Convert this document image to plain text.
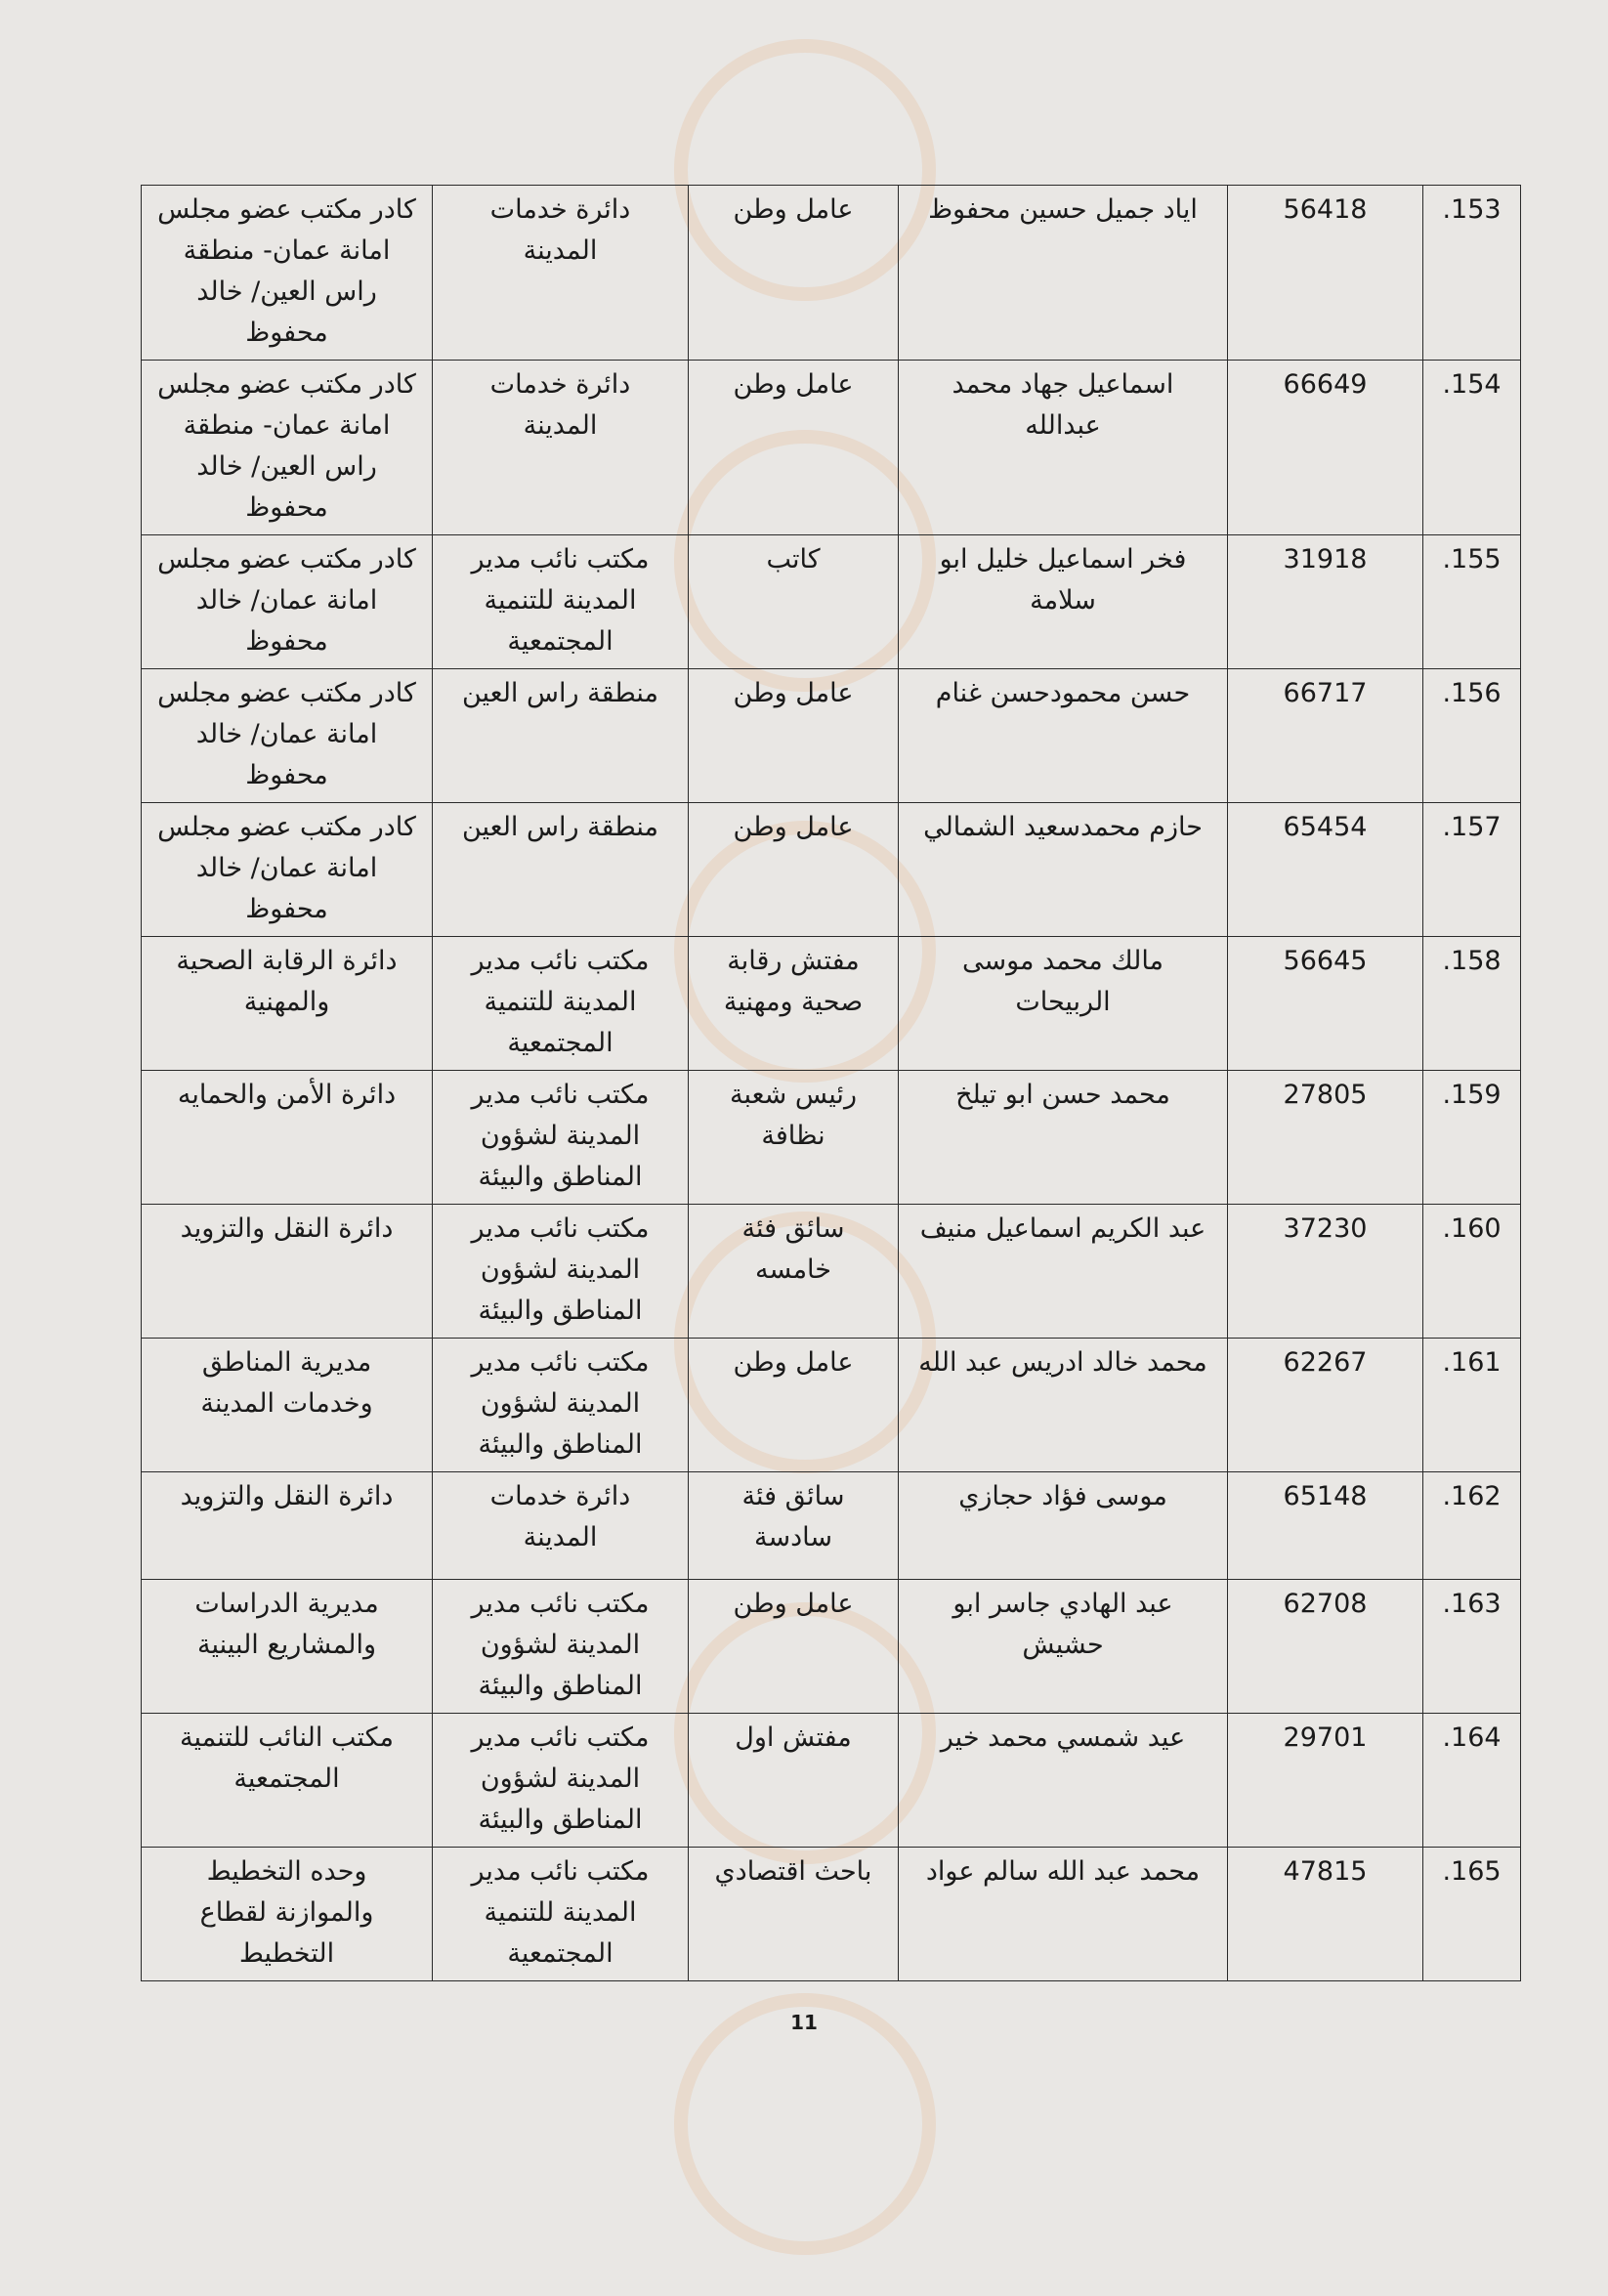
.153	56418	اياد جميل حسين محفوظ	عامل وطن	دائرة خدمات
المدينة	كادر مكتب عضو مجلس
امانة عمان- منطقة
راس العين/ خالد
محفوظ
.154	66649	اسماعيل جهاد محمد
عبدالله	عامل وطن	دائرة خدمات
المدينة	كادر مكتب عضو مجلس
امانة عمان- منطقة
راس العين/ خالد
محفوظ
.155	31918	فخر اسماعيل خليل ابو
سلامة	كاتب	مكتب نائب مدير
المدينة للتنمية
المجتمعية	كادر مكتب عضو مجلس
امانة عمان/ خالد
محفوظ
.156	66717	حسن محمودحسن غنام	عامل وطن	منطقة راس العين	كادر مكتب عضو مجلس
امانة عمان/ خالد
محفوظ
.157	65454	حازم محمدسعيد الشمالي	عامل وطن	منطقة راس العين	كادر مكتب عضو مجلس
امانة عمان/ خالد
محفوظ
.158	56645	مالك محمد موسى
الربيحات	مفتش رقابة
صحية ومهنية	مكتب نائب مدير
المدينة للتنمية
المجتمعية	دائرة الرقابة الصحية
والمهنية
.159	27805	محمد حسن ابو تيلخ	رئيس شعبة
نظافة	مكتب نائب مدير
المدينة لشؤون
المناطق والبيئة	دائرة الأمن والحمايه
.160	37230	عبد الكريم اسماعيل منيف	سائق فئة
خامسه	مكتب نائب مدير
المدينة لشؤون
المناطق والبيئة	دائرة النقل والتزويد
.161	62267	محمد خالد ادريس عبد الله	عامل وطن	مكتب نائب مدير
المدينة لشؤون
المناطق والبيئة	مديرية المناطق
وخدمات المدينة
.162	65148	موسى فؤاد حجازي	سائق فئة
سادسة	دائرة خدمات
المدينة	دائرة النقل والتزويد
.163	62708	عبد الهادي جاسر ابو
حشيش	عامل وطن	مكتب نائب مدير
المدينة لشؤون
المناطق والبيئة	مديرية الدراسات
والمشاريع البينية
.164	29701	عيد شمسي محمد خير	مفتش اول	مكتب نائب مدير
المدينة لشؤون
المناطق والبيئة	مكتب النائب للتنمية
المجتمعية
.165	47815	محمد عبد الله سالم عواد	باحث اقتصادي	مكتب نائب مدير
المدينة للتنمية
المجتمعية	وحده التخطيط
والموازنة لقطاع
التخطيط
11
